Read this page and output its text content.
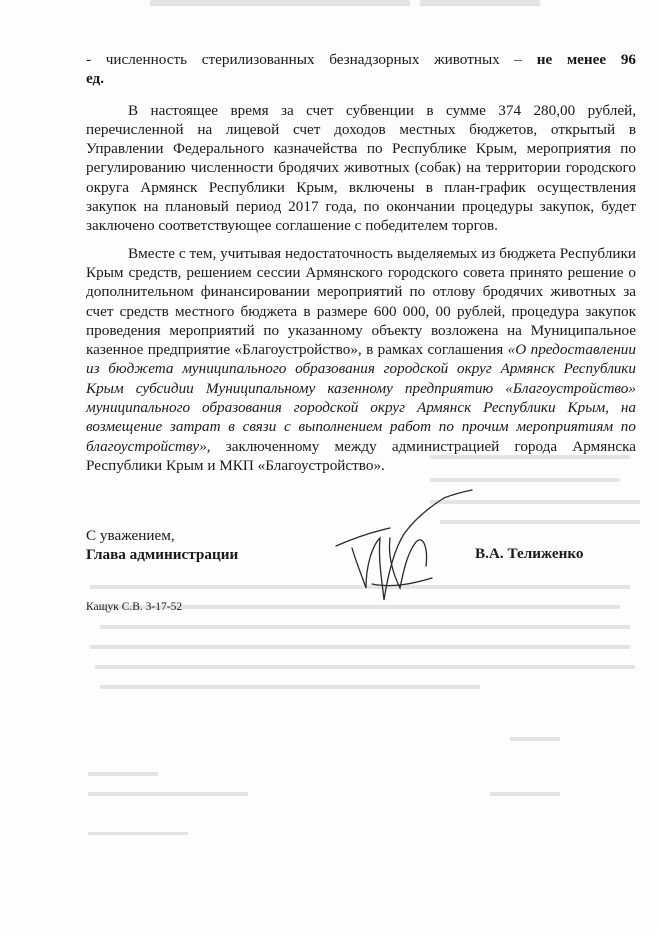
- численность стерилизованных безнадзорных животных – не менее 96

ед.

В настоящее время за счет субвенции в сумме 374 280,00 рублей, перечисленной на лицевой счет доходов местных бюджетов, открытый в Управлении Федерального казначейства по Республике Крым, мероприятия по регулированию численности бродячих животных (собак) на территории городского округа Армянск Республики Крым, включены в план-график осуществления закупок на плановый период 2017 года, по окончании процедуры закупок, будет заключено соответствующее соглашение с победителем торгов.

Вместе с тем, учитывая недостаточность выделяемых из бюджета Республики Крым средств, решением сессии Армянского городского совета принято решение о дополнительном финансировании мероприятий по отлову бродячих животных за счет средств местного бюджета в размере 600 000, 00 рублей, процедура закупок проведения мероприятий по указанному объекту возложена на Муниципальное казенное предприятие «Благоустройство», в рамках соглашения «О предоставлении из бюджета муниципального образования городской округ Армянск Республики Крым субсидии Муниципальному казенному предприятию «Благоустройство» муниципального образования городской округ Армянск Республики Крым, на возмещение затрат в связи с выполнением работ по прочим мероприятиям по благоустройству», заключенному между администрацией города Армянска Республики Крым и МКП «Благоустройство».

С уважением,
Глава администрации	В.А. Телиженко
Кащук С.В. 3-17-52
